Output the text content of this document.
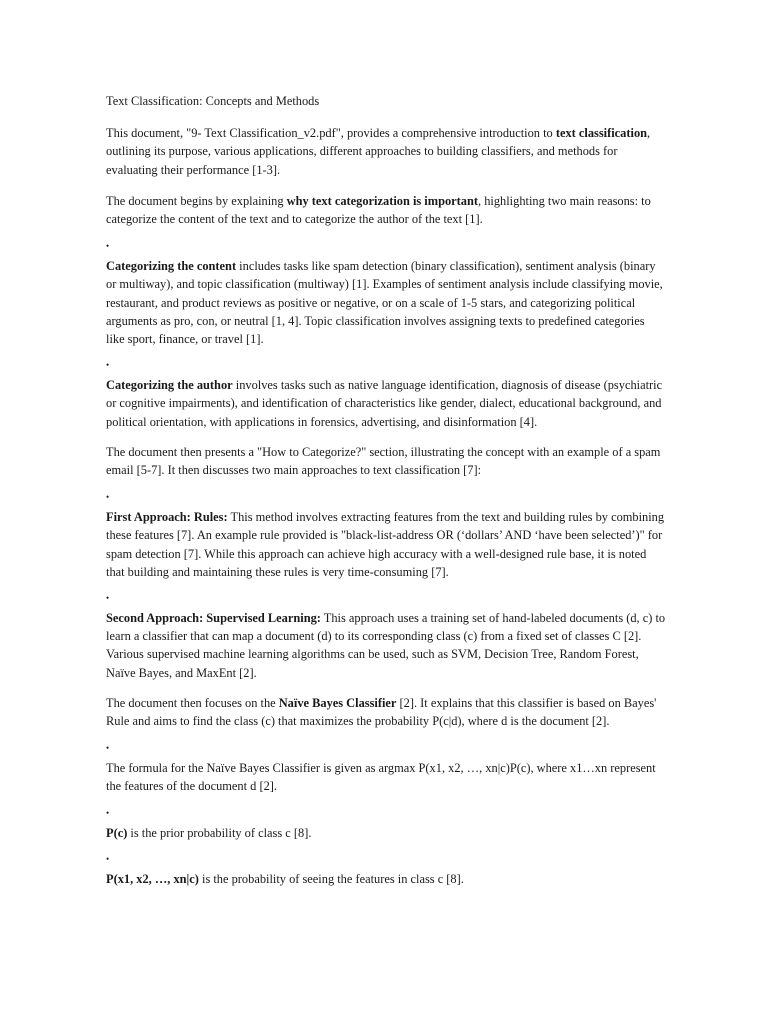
Text Classification: Concepts and Methods

This document, "9- Text Classification_v2.pdf", provides a comprehensive introduction to text classification, outlining its purpose, various applications, different approaches to building classifiers, and methods for evaluating their performance [1-3].

The document begins by explaining why text categorization is important, highlighting two main reasons: to categorize the content of the text and to categorize the author of the text [1].

•

Categorizing the content includes tasks like spam detection (binary classification), sentiment analysis (binary or multiway), and topic classification (multiway) [1]. Examples of sentiment analysis include classifying movie, restaurant, and product reviews as positive or negative, or on a scale of 1-5 stars, and categorizing political arguments as pro, con, or neutral [1, 4]. Topic classification involves assigning texts to predefined categories like sport, finance, or travel [1].

•

Categorizing the author involves tasks such as native language identification, diagnosis of disease (psychiatric or cognitive impairments), and identification of characteristics like gender, dialect, educational background, and political orientation, with applications in forensics, advertising, and disinformation [4].

The document then presents a "How to Categorize?" section, illustrating the concept with an example of a spam email [5-7]. It then discusses two main approaches to text classification [7]:

•

First Approach: Rules: This method involves extracting features from the text and building rules by combining these features [7]. An example rule provided is "black-list-address OR (‘dollars’ AND ‘have been selected’)" for spam detection [7]. While this approach can achieve high accuracy with a well-designed rule base, it is noted that building and maintaining these rules is very time-consuming [7].

•

Second Approach: Supervised Learning: This approach uses a training set of hand-labeled documents (d, c) to learn a classifier that can map a document (d) to its corresponding class (c) from a fixed set of classes C [2]. Various supervised machine learning algorithms can be used, such as SVM, Decision Tree, Random Forest, Naïve Bayes, and MaxEnt [2].

The document then focuses on the Naïve Bayes Classifier [2]. It explains that this classifier is based on Bayes' Rule and aims to find the class (c) that maximizes the probability P(c|d), where d is the document [2].

•

The formula for the Naïve Bayes Classifier is given as argmax P(x1, x2, …, xn|c)P(c), where x1…xn represent the features of the document d [2].

•

P(c) is the prior probability of class c [8].

•

P(x1, x2, …, xn|c) is the probability of seeing the features in class c [8].
